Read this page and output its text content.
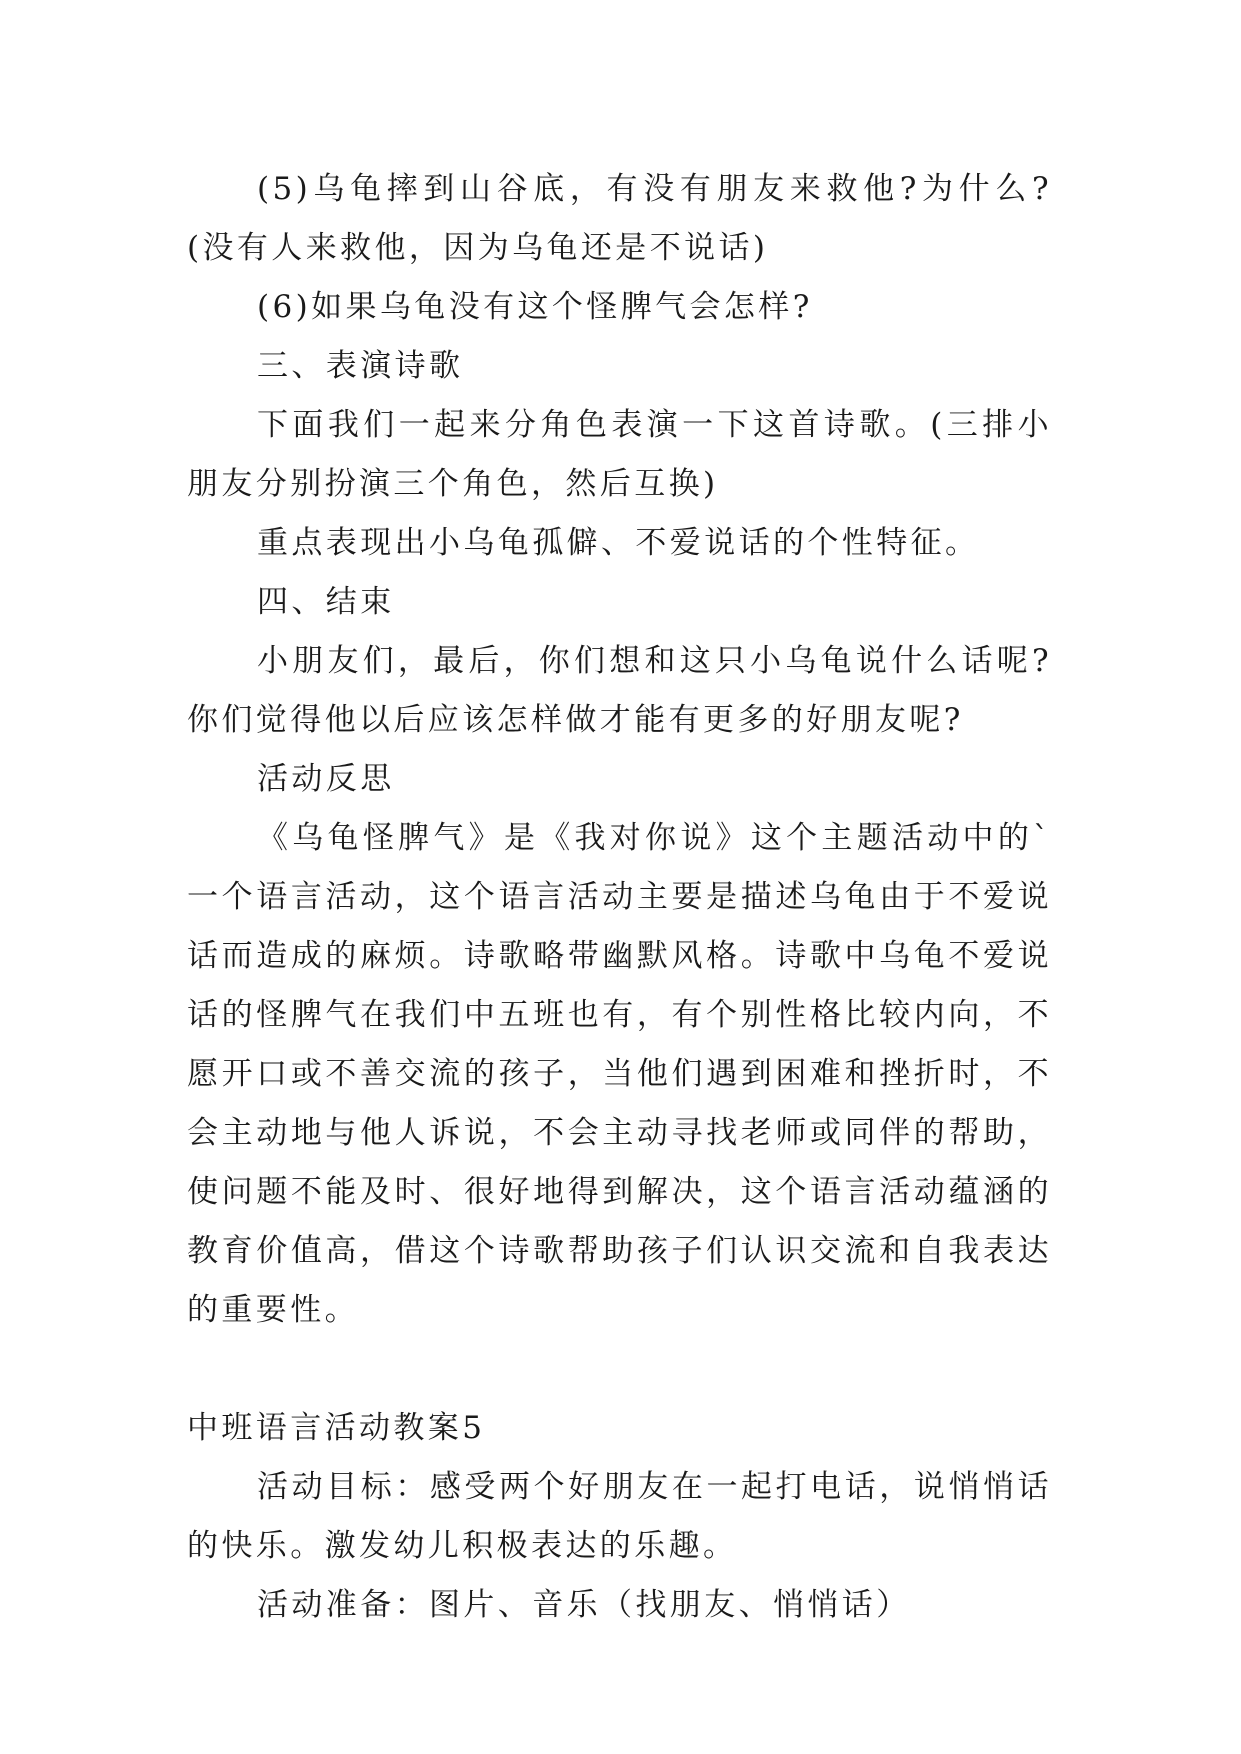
(5)乌龟摔到山谷底，有没有朋友来救他?为什么?(没有人来救他，因为乌龟还是不说话)

(6)如果乌龟没有这个怪脾气会怎样?

三、表演诗歌

下面我们一起来分角色表演一下这首诗歌。(三排小朋友分别扮演三个角色，然后互换)

重点表现出小乌龟孤僻、不爱说话的个性特征。

四、结束

小朋友们，最后，你们想和这只小乌龟说什么话呢?你们觉得他以后应该怎样做才能有更多的好朋友呢?

活动反思

《乌龟怪脾气》是《我对你说》这个主题活动中的`一个语言活动，这个语言活动主要是描述乌龟由于不爱说话而造成的麻烦。诗歌略带幽默风格。诗歌中乌龟不爱说话的怪脾气在我们中五班也有，有个别性格比较内向，不愿开口或不善交流的孩子，当他们遇到困难和挫折时，不会主动地与他人诉说，不会主动寻找老师或同伴的帮助，使问题不能及时、很好地得到解决，这个语言活动蕴涵的教育价值高，借这个诗歌帮助孩子们认识交流和自我表达的重要性。

中班语言活动教案5

活动目标：感受两个好朋友在一起打电话，说悄悄话的快乐。激发幼儿积极表达的乐趣。

活动准备：图片、音乐（找朋友、悄悄话）
